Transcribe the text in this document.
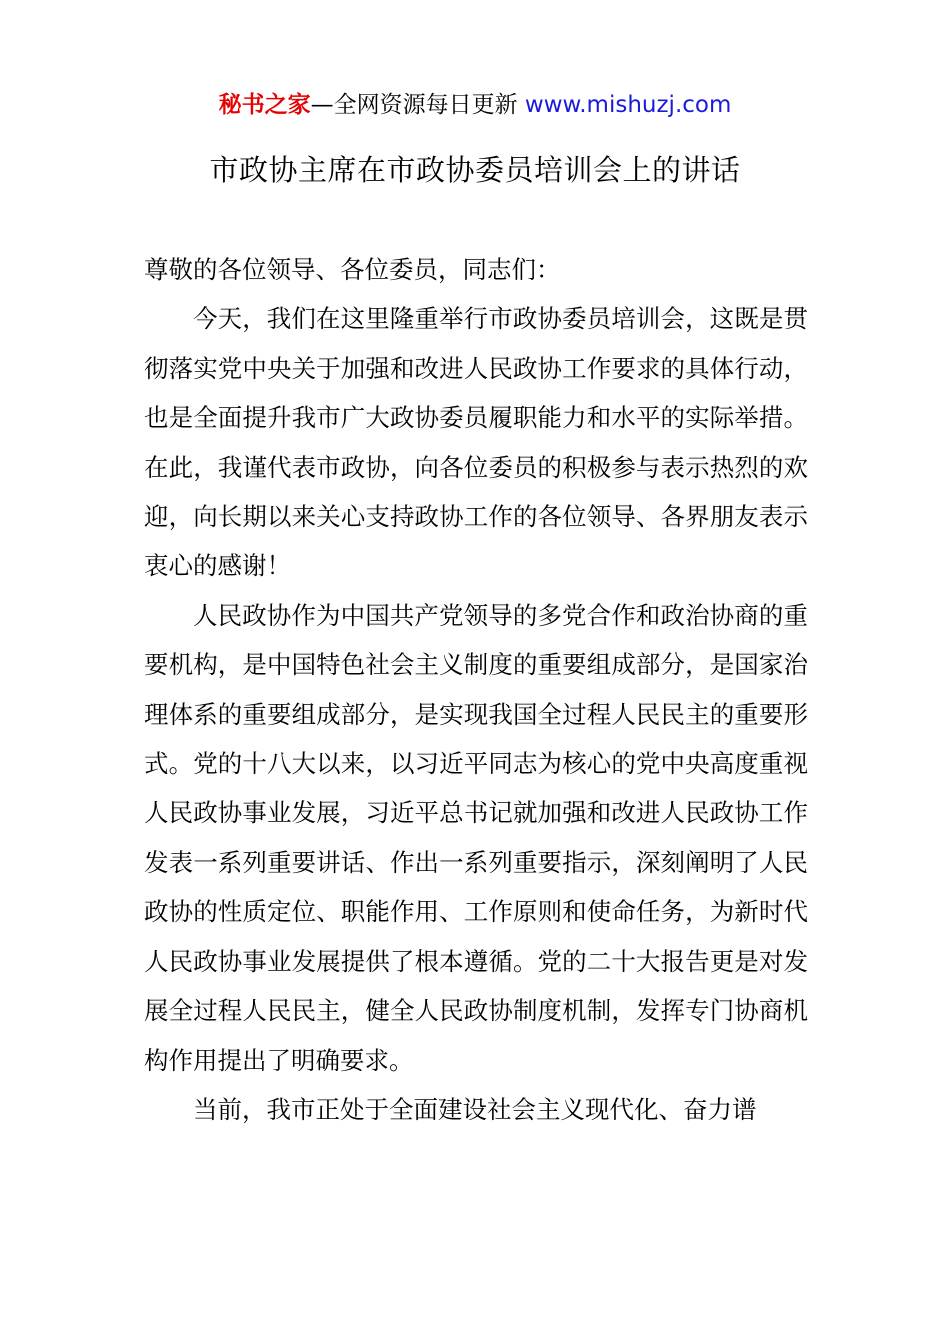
秘书之家—全网资源每日更新 www.mishuzj.com
市政协主席在市政协委员培训会上的讲话

尊敬的各位领导、各位委员，同志们：

今天，我们在这里隆重举行市政协委员培训会，这既是贯彻落实党中央关于加强和改进人民政协工作要求的具体行动，也是全面提升我市广大政协委员履职能力和水平的实际举措。在此，我谨代表市政协，向各位委员的积极参与表示热烈的欢迎，向长期以来关心支持政协工作的各位领导、各界朋友表示衷心的感谢！

人民政协作为中国共产党领导的多党合作和政治协商的重要机构，是中国特色社会主义制度的重要组成部分，是国家治理体系的重要组成部分，是实现我国全过程人民民主的重要形式。党的十八大以来，以习近平同志为核心的党中央高度重视人民政协事业发展，习近平总书记就加强和改进人民政协工作发表一系列重要讲话、作出一系列重要指示，深刻阐明了人民政协的性质定位、职能作用、工作原则和使命任务，为新时代人民政协事业发展提供了根本遵循。党的二十大报告更是对发展全过程人民民主，健全人民政协制度机制，发挥专门协商机构作用提出了明确要求。

当前，我市正处于全面建设社会主义现代化、奋力谱
